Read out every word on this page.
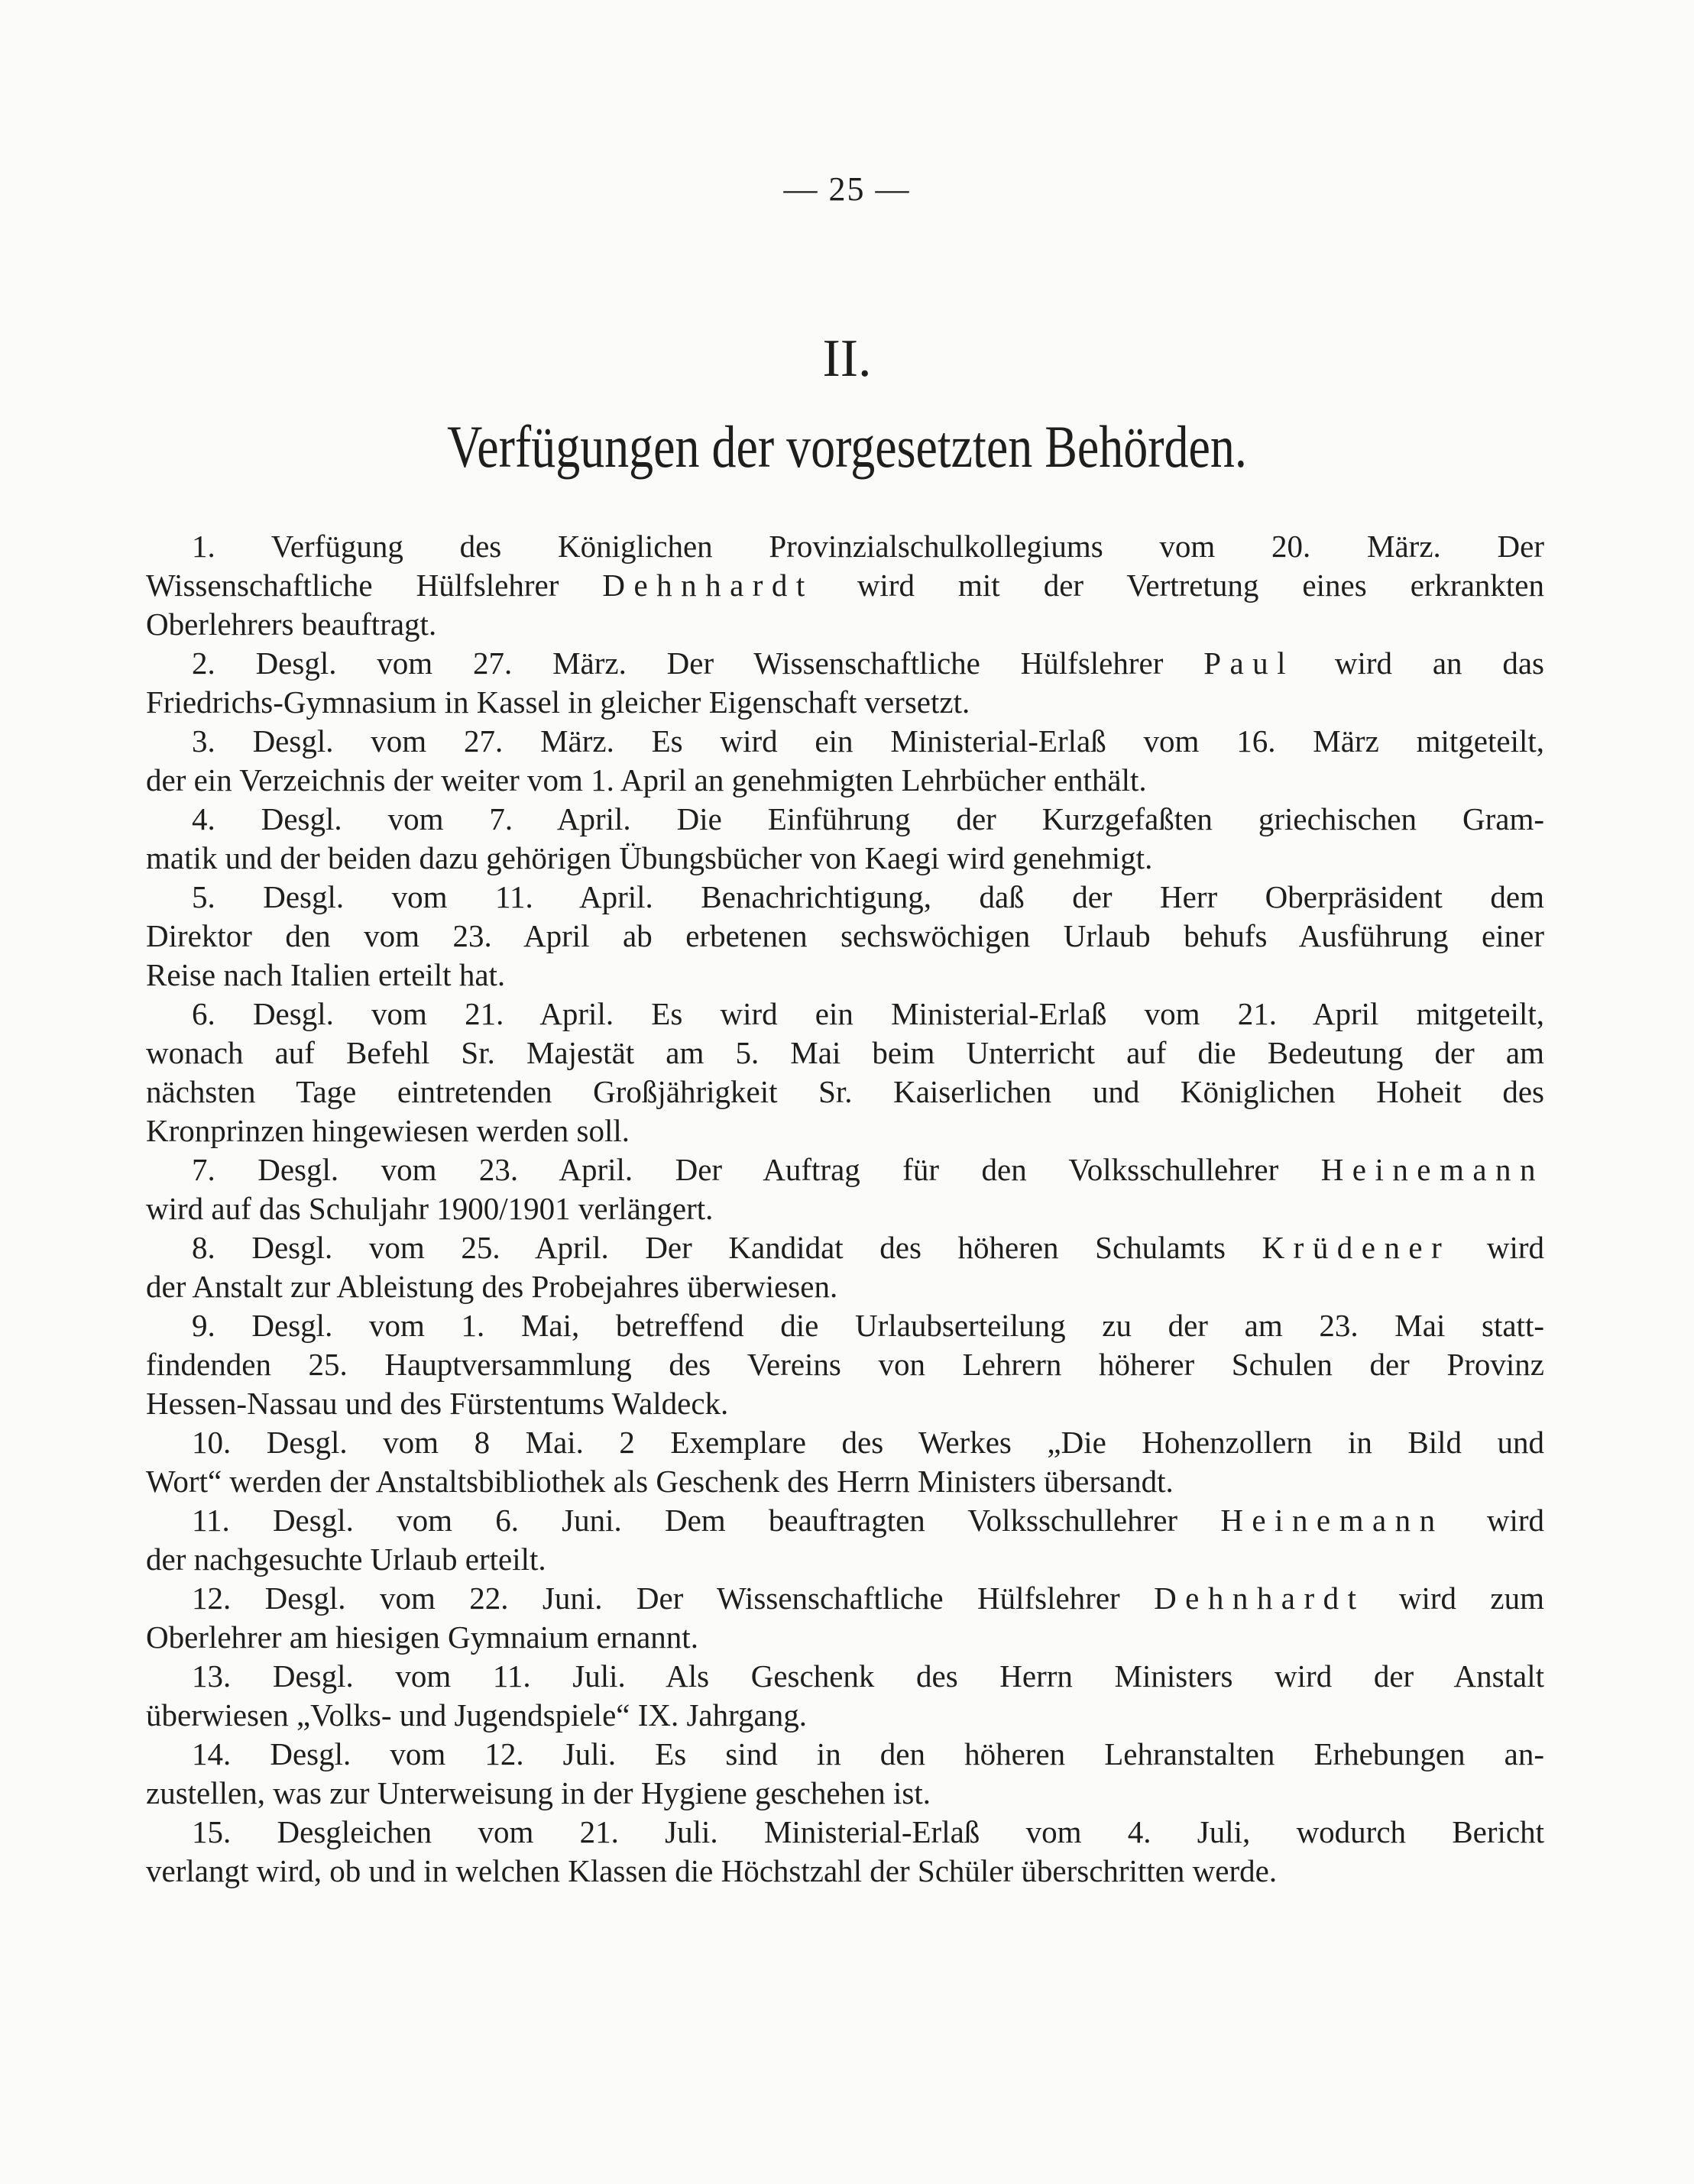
— 25 —
II.
Verfügungen der vorgesetzten Behörden.
1. Verfügung des Königlichen Provinzialschulkollegiums vom 20. März. Der
Wissenschaftliche Hülfslehrer Dehnhardt wird mit der Vertretung eines erkrankten
Oberlehrers beauftragt.
2. Desgl. vom 27. März. Der Wissenschaftliche Hülfslehrer Paul wird an das
Friedrichs-Gymnasium in Kassel in gleicher Eigenschaft versetzt.
3. Desgl. vom 27. März. Es wird ein Ministerial-Erlaß vom 16. März mitgeteilt,
der ein Verzeichnis der weiter vom 1. April an genehmigten Lehrbücher enthält.
4. Desgl. vom 7. April. Die Einführung der Kurzgefaßten griechischen Gram-
matik und der beiden dazu gehörigen Übungsbücher von Kaegi wird genehmigt.
5. Desgl. vom 11. April. Benachrichtigung, daß der Herr Oberpräsident dem
Direktor den vom 23. April ab erbetenen sechswöchigen Urlaub behufs Ausführung einer
Reise nach Italien erteilt hat.
6. Desgl. vom 21. April. Es wird ein Ministerial-Erlaß vom 21. April mitgeteilt,
wonach auf Befehl Sr. Majestät am 5. Mai beim Unterricht auf die Bedeutung der am
nächsten Tage eintretenden Großjährigkeit Sr. Kaiserlichen und Königlichen Hoheit des
Kronprinzen hingewiesen werden soll.
7. Desgl. vom 23. April. Der Auftrag für den Volksschullehrer Heinemann
wird auf das Schuljahr 1900/1901 verlängert.
8. Desgl. vom 25. April. Der Kandidat des höheren Schulamts Krüdener wird
der Anstalt zur Ableistung des Probejahres überwiesen.
9. Desgl. vom 1. Mai, betreffend die Urlaubserteilung zu der am 23. Mai statt-
findenden 25. Hauptversammlung des Vereins von Lehrern höherer Schulen der Provinz
Hessen-Nassau und des Fürstentums Waldeck.
10. Desgl. vom 8 Mai. 2 Exemplare des Werkes „Die Hohenzollern in Bild und
Wort“ werden der Anstaltsbibliothek als Geschenk des Herrn Ministers übersandt.
11. Desgl. vom 6. Juni. Dem beauftragten Volksschullehrer Heinemann wird
der nachgesuchte Urlaub erteilt.
12. Desgl. vom 22. Juni. Der Wissenschaftliche Hülfslehrer Dehnhardt wird zum
Oberlehrer am hiesigen Gymnaium ernannt.
13. Desgl. vom 11. Juli. Als Geschenk des Herrn Ministers wird der Anstalt
überwiesen „Volks- und Jugendspiele“ IX. Jahrgang.
14. Desgl. vom 12. Juli. Es sind in den höheren Lehranstalten Erhebungen an-
zustellen, was zur Unterweisung in der Hygiene geschehen ist.
15. Desgleichen vom 21. Juli. Ministerial-Erlaß vom 4. Juli, wodurch Bericht
verlangt wird, ob und in welchen Klassen die Höchstzahl der Schüler überschritten werde.
